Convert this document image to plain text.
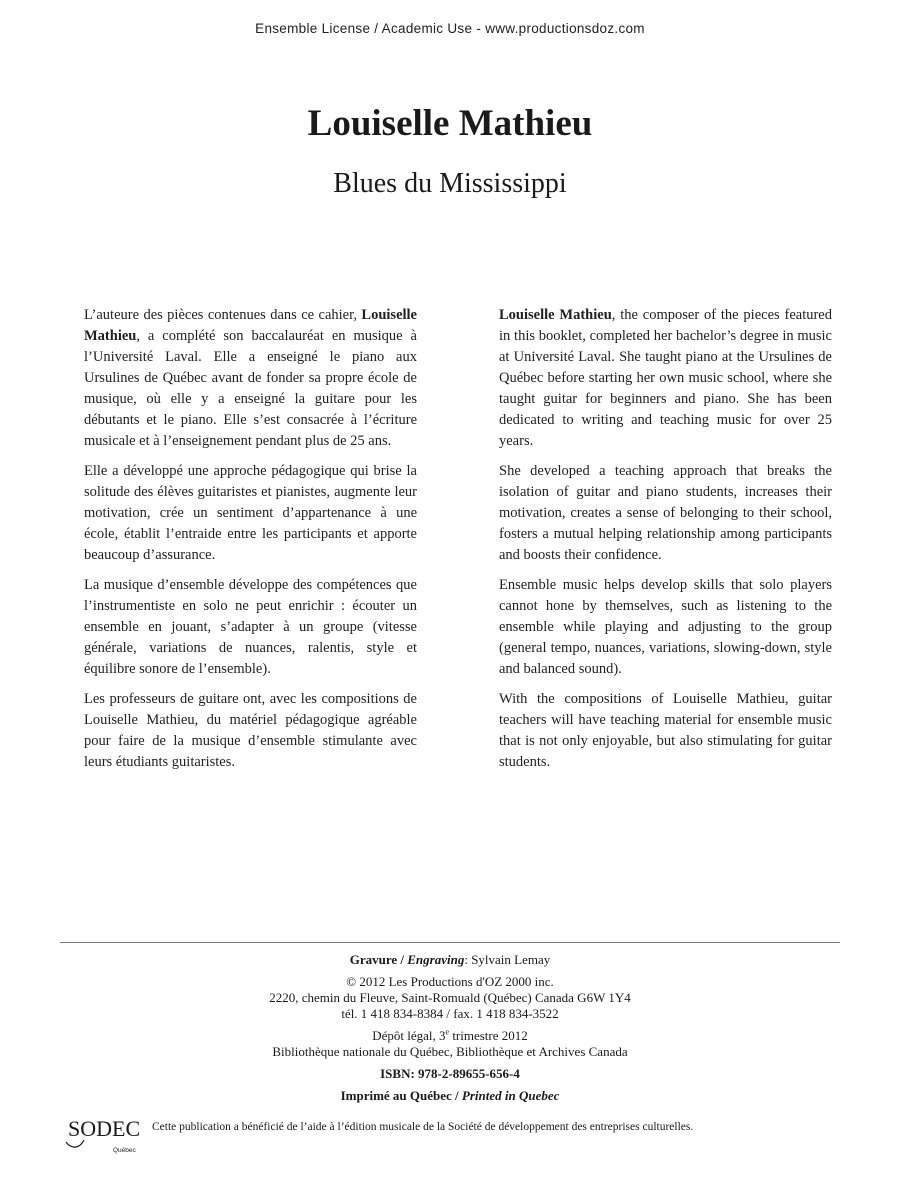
Ensemble License / Academic Use - www.productionsdoz.com
Louiselle Mathieu
Blues du Mississippi

L’auteure des pièces contenues dans ce cahier, Louiselle Mathieu, a complété son baccalauréat en musique à l’Université Laval. Elle a enseigné le piano aux Ursulines de Québec avant de fonder sa propre école de musique, où elle y a enseigné la guitare pour les débutants et le piano. Elle s’est consacrée à l’écriture musicale et à l’enseignement pendant plus de 25 ans.

Elle a développé une approche pédagogique qui brise la solitude des élèves guitaristes et pianistes, augmente leur motivation, crée un sentiment d’appartenance à une école, établit l’entraide entre les participants et apporte beaucoup d’assurance.

La musique d’ensemble développe des compétences que l’instrumentiste en solo ne peut enrichir : écouter un ensemble en jouant, s’adapter à un groupe (vitesse générale, variations de nuances, ralentis, style et équilibre sonore de l’ensemble).

Les professeurs de guitare ont, avec les compositions de Louiselle Mathieu, du matériel pédagogique agréable pour faire de la musique d’ensemble stimulante avec leurs étudiants guitaristes.

Louiselle Mathieu, the composer of the pieces featured in this booklet, completed her bachelor’s degree in music at Université Laval. She taught piano at the Ursulines de Québec before starting her own music school, where she taught guitar for beginners and piano. She has been dedicated to writing and teaching music for over 25 years.

She developed a teaching approach that breaks the isolation of guitar and piano students, increases their motivation, creates a sense of belonging to their school, fosters a mutual helping relationship among participants and boosts their confidence.

Ensemble music helps develop skills that solo players cannot hone by themselves, such as listening to the ensemble while playing and adjusting to the group (general tempo, nuances, variations, slowing-down, style and balanced sound).

With the compositions of Louiselle Mathieu, guitar teachers will have teaching material for ensemble music that is not only enjoyable, but also stimulating for guitar students.

Gravure / Engraving: Sylvain Lemay
© 2012 Les Productions d'OZ 2000 inc.
2220, chemin du Fleuve, Saint-Romuald (Québec) Canada G6W 1Y4
tél. 1 418 834-8384 / fax. 1 418 834-3522
Dépôt légal, 3e trimestre 2012
Bibliothèque nationale du Québec, Bibliothèque et Archives Canada
ISBN: 978-2-89655-656-4
Imprimé au Québec / Printed in Quebec
SODEC
Québec
Cette publication a bénéficié de l’aide à l’édition musicale de la Société de développement des entreprises culturelles.
